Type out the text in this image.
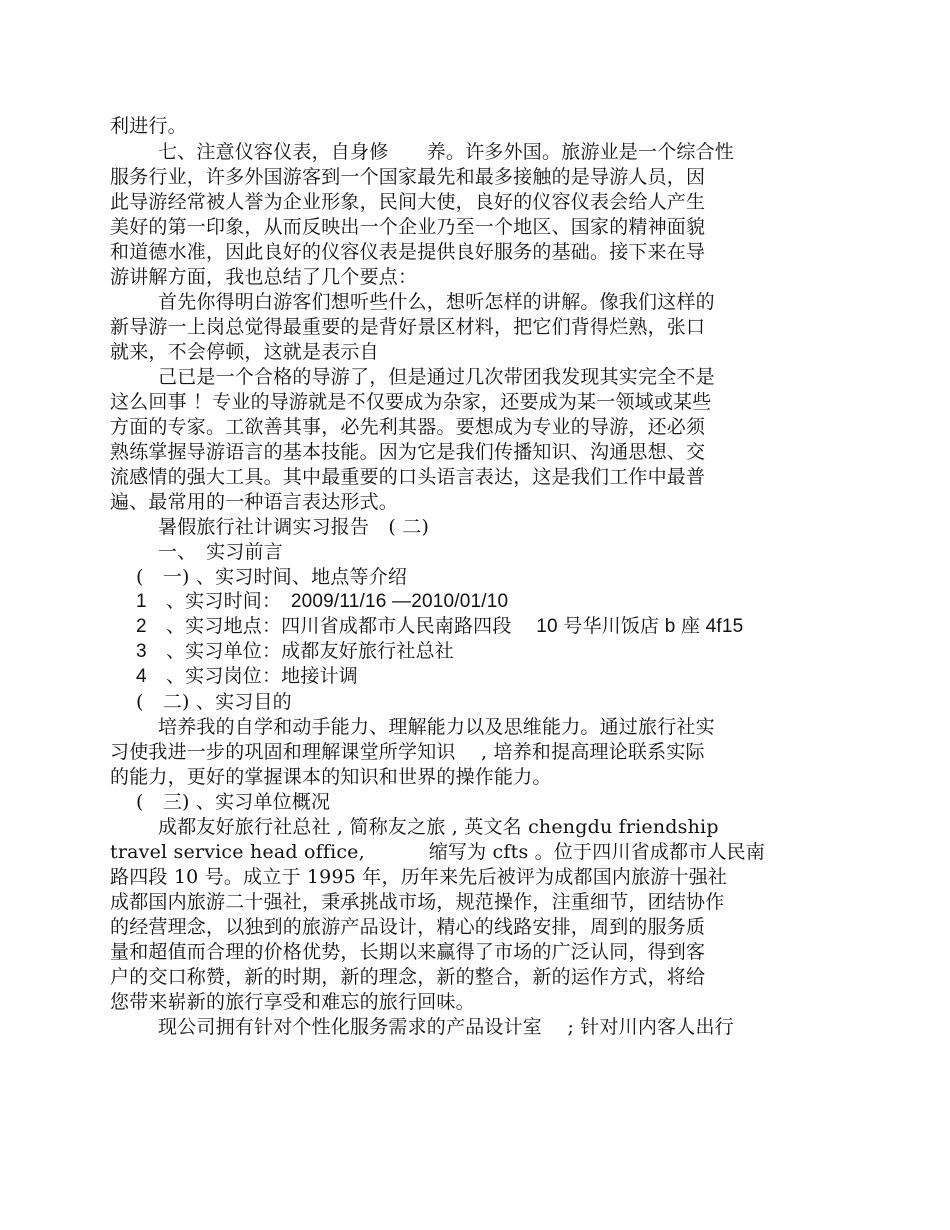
利进行。
七、注意仪容仪表，自身修　　养。许多外国。旅游业是一个综合性
服务行业，许多外国游客到一个国家最先和最多接触的是导游人员，因
此导游经常被人誉为企业形象，民间大使，良好的仪容仪表会给人产生
美好的第一印象，从而反映出一个企业乃至一个地区、国家的精神面貌
和道德水准，因此良好的仪容仪表是提供良好服务的基础。接下来在导
游讲解方面，我也总结了几个要点：
首先你得明白游客们想听些什么，想听怎样的讲解。像我们这样的
新导游一上岗总觉得最重要的是背好景区材料，把它们背得烂熟，张口
就来，不会停顿，这就是表示自
己已是一个合格的导游了，但是通过几次带团我发现其实完全不是
这么回事 ！专业的导游就是不仅要成为杂家，还要成为某一领域或某些
方面的专家。工欲善其事，必先利其器。要想成为专业的导游，还必须
熟练掌握导游语言的基本技能。因为它是我们传播知识、沟通思想、交
流感情的强大工具。其中最重要的口头语言表达，这是我们工作中最普
遍、最常用的一种语言表达形式。
暑假旅行社计调实习报告　( 二)
一、　实习前言
(　一) 、实习时间、地点等介绍
1　、实习时间：　2009/11/16 —2010/01/10
2　、实习地点：四川省成都市人民南路四段　 10 号华川饭店 b 座 4f15
3　、实习单位：成都友好旅行社总社
4　、实习岗位：地接计调
(　二) 、实习目的
培养我的自学和动手能力、理解能力以及思维能力。通过旅行社实
习使我进一步的巩固和理解课堂所学知识　 , 培养和提高理论联系实际
的能力，更好的掌握课本的知识和世界的操作能力。
(　三) 、实习单位概况
成都友好旅行社总社 , 简称友之旅 , 英文名 chengdu friendship
travel service head office,　　　 缩写为 cfts 。位于四川省成都市人民南
路四段 10 号。成立于 1995 年，历年来先后被评为成都国内旅游十强社
成都国内旅游二十强社，秉承挑战市场，规范操作，注重细节，团结协作
的经营理念，以独到的旅游产品设计，精心的线路安排，周到的服务质
量和超值而合理的价格优势，长期以来赢得了市场的广泛认同，得到客
户的交口称赞，新的时期，新的理念，新的整合，新的运作方式，将给
您带来崭新的旅行享受和难忘的旅行回味。
现公司拥有针对个性化服务需求的产品设计室　 ; 针对川内客人出行
